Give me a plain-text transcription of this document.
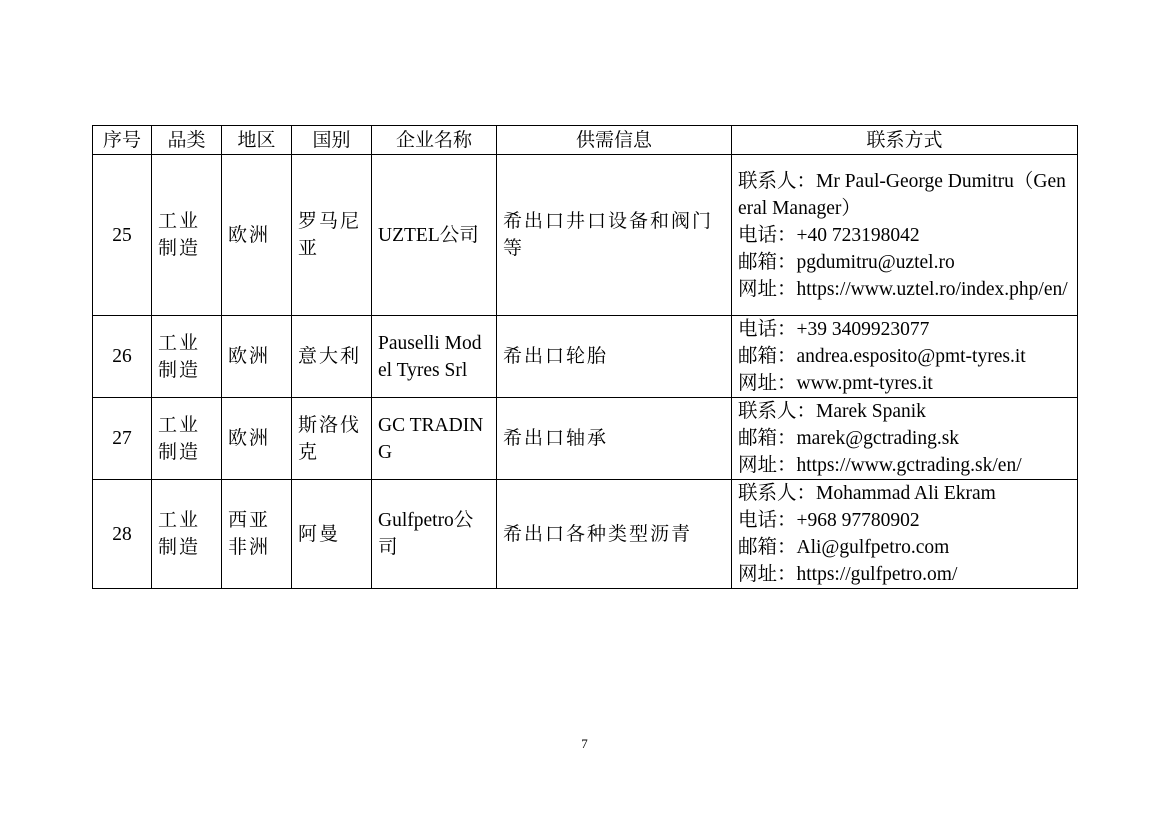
序号	品类	地区	国别	企业名称	供需信息	联系方式
25	工业制造	欧洲	罗马尼亚	UZTEL公司	希出口井口设备和阀门等	联系人：Mr Paul-George Dumitru（General Manager）
电话：+40 723198042
邮箱：pgdumitru@uztel.ro
网址：https://www.uztel.ro/index.php/en/

26	工业制造	欧洲	意大利	Pauselli Model Tyres Srl	希出口轮胎	电话：+39 3409923077
邮箱：andrea.esposito@pmt-tyres.it
网址：www.pmt-tyres.it

27	工业制造	欧洲	斯洛伐克	GC TRADING	希出口轴承	联系人：Marek Spanik
邮箱：marek@gctrading.sk
网址：https://www.gctrading.sk/en/

28	工业制造	西亚非洲	阿曼	Gulfpetro公司	希出口各种类型沥青	联系人：Mohammad Ali Ekram
电话：+968 97780902
邮箱：Ali@gulfpetro.com
网址：https://gulfpetro.om/
7
